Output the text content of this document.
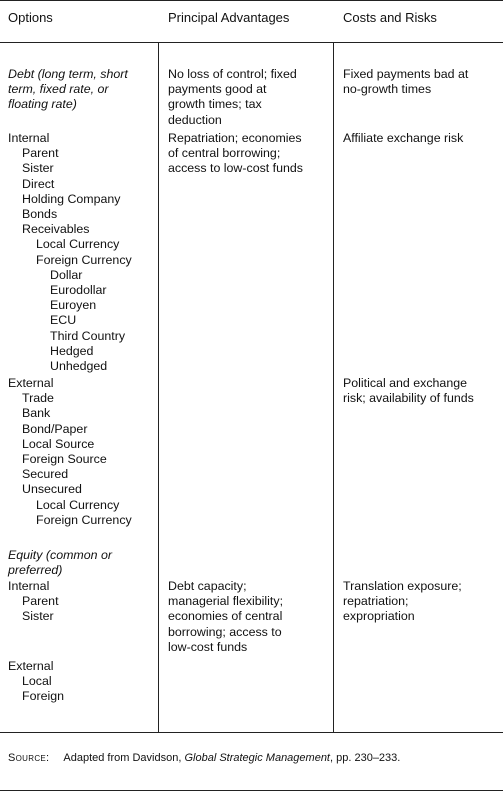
Options	Principal Advantages	Costs and Risks
Debt (long term, short
term, fixed rate, or
floating rate)
No loss of control; fixed
payments good at
growth times; tax
deduction
Fixed payments bad at
no-growth times
Internal
Parent
Sister
Direct
Holding Company
Bonds
Receivables
Local Currency
Foreign Currency
Dollar
Eurodollar
Euroyen
ECU
Third Country
Hedged
Unhedged
Repatriation; economies
of central borrowing;
access to low-cost funds
Affiliate exchange risk
External
Trade
Bank
Bond/Paper
Local Source
Foreign Source
Secured
Unsecured
Local Currency
Foreign Currency
Political and exchange
risk; availability of funds
Equity (common or
preferred)
Internal
Parent
Sister
Debt capacity;
managerial flexibility;
economies of central
borrowing; access to
low-cost funds
Translation exposure;
repatriation;
expropriation
External
Local
Foreign
Source: Adapted from Davidson, Global Strategic Management, pp. 230–233.
